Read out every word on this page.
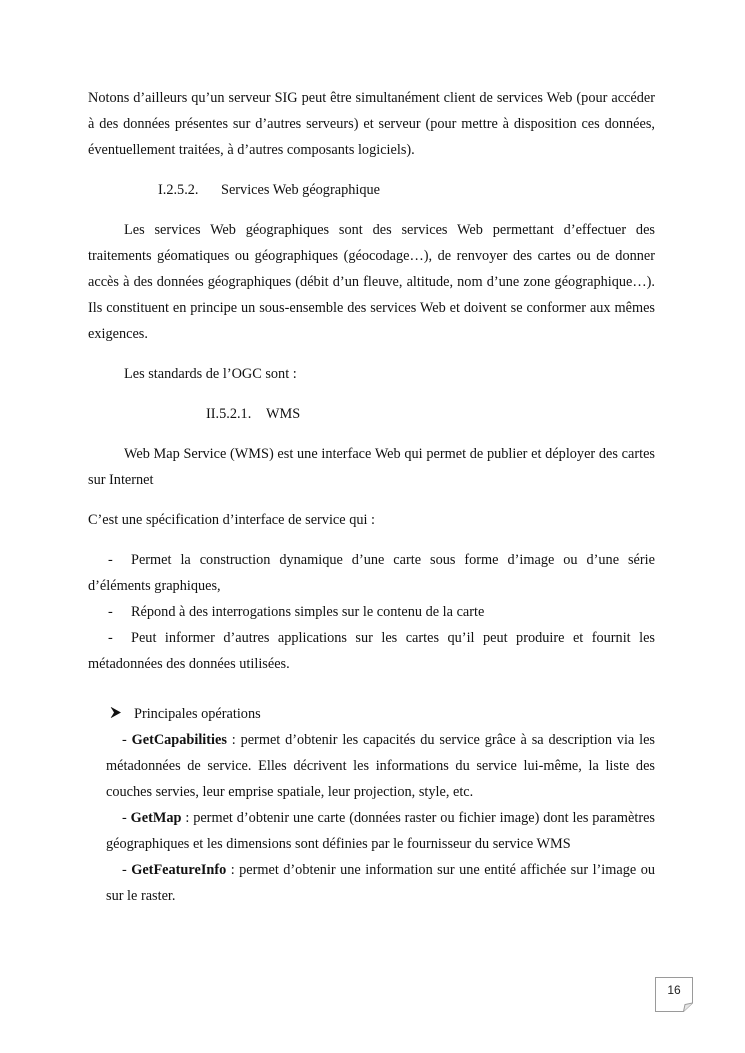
Notons d’ailleurs qu’un serveur SIG peut être simultanément client de services Web (pour accéder à des données présentes sur d’autres serveurs) et serveur (pour mettre à disposition ces données, éventuellement traitées, à d’autres composants logiciels).

I.2.5.2.	Services Web géographique

Les services Web géographiques sont des services Web permettant d’effectuer des traitements géomatiques ou géographiques (géocodage…), de renvoyer des cartes ou de donner accès à des données géographiques (débit d’un fleuve, altitude, nom d’une zone géographique…). Ils constituent en principe un sous-ensemble des services Web et doivent se conformer aux mêmes exigences.

Les standards de l’OGC sont :

II.5.2.1.	WMS

Web Map Service (WMS) est une interface Web qui permet de publier et déployer des cartes sur Internet

C’est une spécification d’interface de service qui :

-	Permet la construction dynamique d’une carte sous forme d’image ou d’une série

d’éléments graphiques,

-	Répond à des interrogations simples sur le contenu de la carte
-	Peut informer d’autres applications sur les cartes qu’il peut produire et fournit les

métadonnées des données utilisées.

Principales opérations

- GetCapabilities : permet d’obtenir les capacités du service grâce à sa description via les métadonnées de service. Elles décrivent les informations du service lui-même, la liste des couches servies, leur emprise spatiale, leur projection, style, etc.

- GetMap : permet d’obtenir une carte (données raster ou fichier image) dont les paramètres géographiques et les dimensions sont définies par le fournisseur du service WMS

- GetFeatureInfo : permet d’obtenir une information sur une entité affichée sur l’image ou sur le raster.

16
